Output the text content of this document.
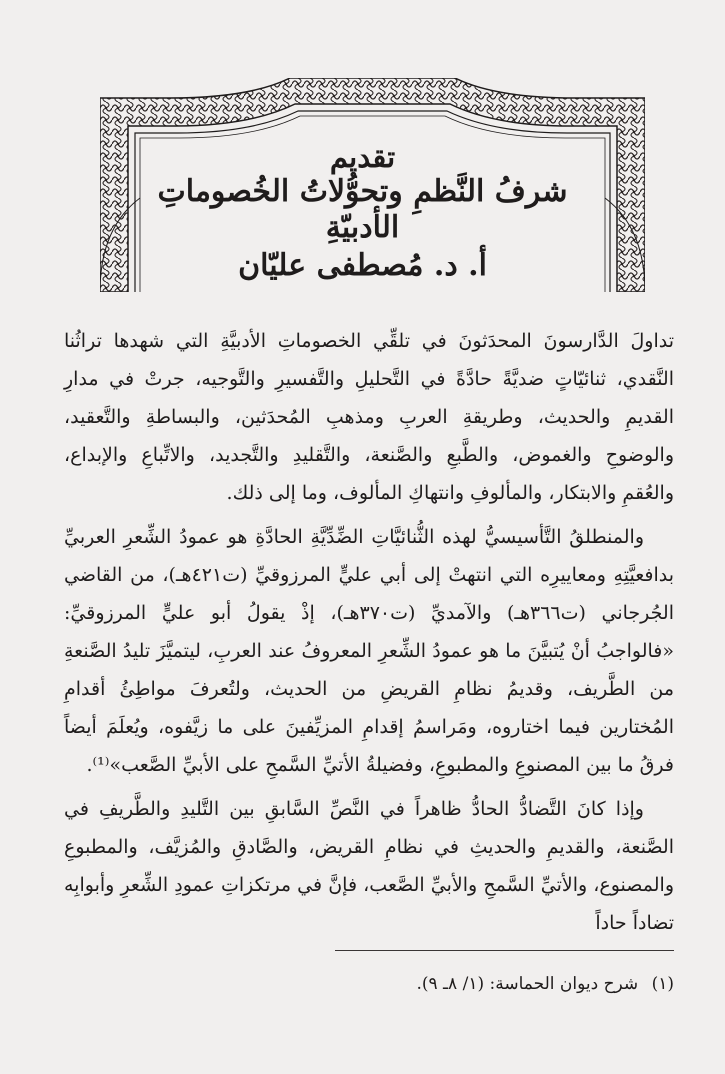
تقديم
شرفُ النَّظمِ وتحوُّلاتُ الخُصوماتِ الأدبيّةِ
أ. د. مُصطفى عليّان

تداولَ الدَّارسونَ المحدَثونَ في تلقِّي الخصوماتِ الأدبيَّةِ التي شهدها تراثُنا النَّقدي، ثنائيّاتٍ ضديَّةً حادَّةً في التَّحليلِ والتَّفسيرِ والتَّوجيه، جرتْ في مدارِ القديمِ والحديث، وطريقةِ العربِ ومذهبِ المُحدَثين، والبساطةِ والتَّعقيد، والوضوحِ والغموض، والطَّبعِ والصَّنعة، والتَّقليدِ والتَّجديد، والاتِّباعِ والإبداع، والعُقمِ والابتكار، والمألوفِ وانتهاكِ المألوف، وما إلى ذلك.

والمنطلقُ التَّأسيسيُّ لهذه الثُّنائيَّاتِ الضِّدِّيَّةِ الحادَّةِ هو عمودُ الشِّعرِ العربيِّ بدافعيَّتِهِ ومعاييرِه التي انتهتْ إلى أبي عليٍّ المرزوقيِّ (ت٤٢١هـ)، من القاضي الجُرجاني (ت٣٦٦هـ) والآمديِّ (ت٣٧٠هـ)، إذْ يقولُ أبو عليٍّ المرزوقيِّ: «فالواجبُ أنْ يُتبيَّنَ ما هو عمودُ الشِّعرِ المعروفُ عند العربِ، ليتميَّزَ تليدُ الصَّنعةِ من الطَّريف، وقديمُ نظامِ القريضِ من الحديث، ولتُعرفَ مواطِئُ أقدامِ المُختارين فيما اختاروه، ومَراسمُ إقدامِ المزيِّفينَ على ما زيَّفوه، ويُعلَمَ أيضاً فرقُ ما بين المصنوعِ والمطبوعِ، وفضيلةُ الأتيِّ السَّمحِ على الأبيِّ الصَّعب»⁽¹⁾.

وإذا كانَ التَّضادُّ الحادُّ ظاهراً في النَّصِّ السَّابقِ بين التَّليدِ والطَّريفِ في الصَّنعة، والقديمِ والحديثِ في نظامِ القريض، والصَّادقِ والمُزيَّف، والمطبوعِ والمصنوع، والأتيِّ السَّمحِ والأبيِّ الصَّعب، فإنَّ في مرتكزاتِ عمودِ الشِّعرِ وأبوابِه تضاداً حاداً

(١) شرح ديوان الحماسة: (١/ ٨ـ ٩).
